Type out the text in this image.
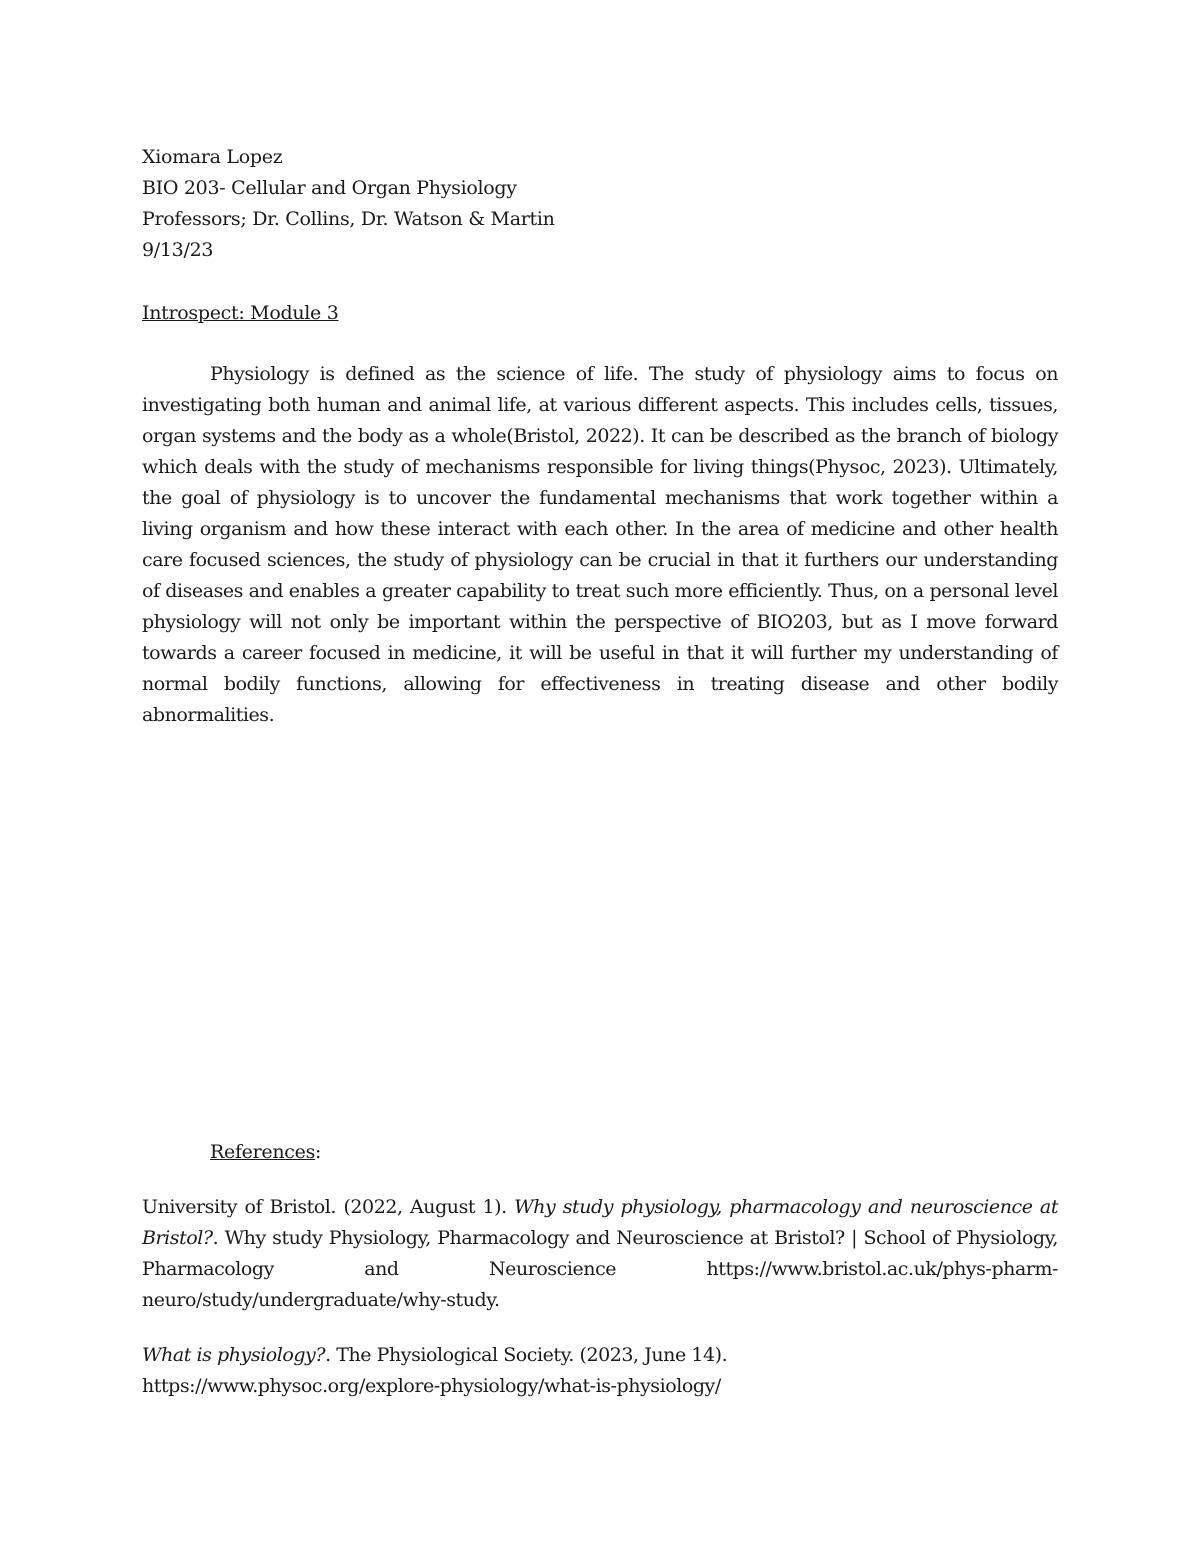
Xiomara Lopez
BIO 203- Cellular and Organ Physiology
Professors; Dr. Collins, Dr. Watson & Martin
9/13/23
Introspect: Module 3

Physiology is defined as the science of life. The study of physiology aims to focus on investigating both human and animal life, at various different aspects. This includes cells, tissues, organ systems and the body as a whole(Bristol, 2022). It can be described as the branch of biology which deals with the study of mechanisms responsible for living things(Physoc, 2023). Ultimately, the goal of physiology is to uncover the fundamental mechanisms that work together within a living organism and how these interact with each other. In the area of medicine and other health care focused sciences, the study of physiology can be crucial in that it furthers our understanding of diseases and enables a greater capability to treat such more efficiently. Thus, on a personal level physiology will not only be important within the perspective of BIO203, but as I move forward towards a career focused in medicine, it will be useful in that it will further my understanding of normal bodily functions, allowing for effectiveness in treating disease and other bodily abnormalities.

References:

University of Bristol. (2022, August 1). Why study physiology, pharmacology and neuroscience at Bristol?. Why study Physiology, Pharmacology and Neuroscience at Bristol? | School of Physiology, Pharmacology and Neuroscience	https://www.bristol.ac.uk/phys-pharm-neuro/study/undergraduate/why-study.

What is physiology?. The Physiological Society. (2023, June 14).
https://www.physoc.org/explore-physiology/what-is-physiology/
